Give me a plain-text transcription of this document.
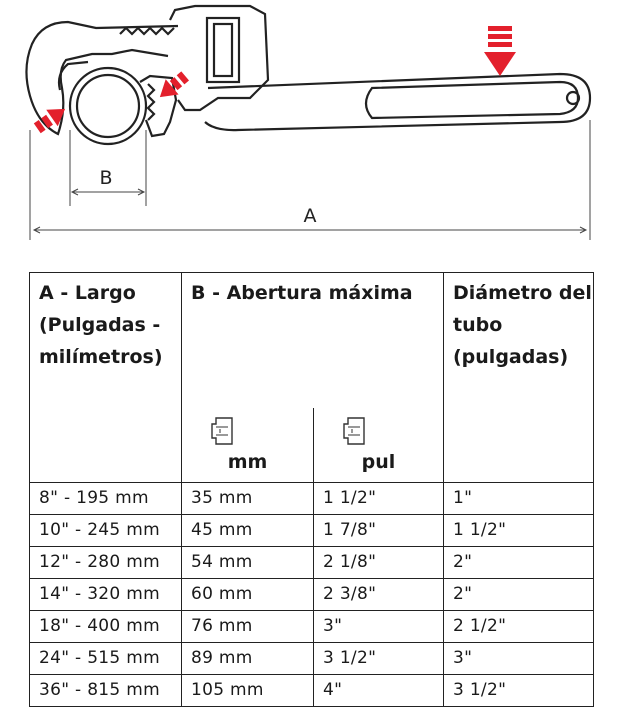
B
A
A - Largo (Pulgadas - milímetros)	B - Abertura máxima		Diámetro del tubo (pulgadas)

	mm	pul	

8" - 195 mm	35 mm	1 1/2"	1"
10" - 245 mm	45 mm	1 7/8"	1 1/2"
12" - 280 mm	54 mm	2 1/8"	2"
14" - 320 mm	60 mm	2 3/8"	2"
18" - 400 mm	76 mm	3"	2 1/2"
24" - 515 mm	89 mm	3 1/2"	3"
36" - 815 mm	105 mm	4"	3 1/2"
